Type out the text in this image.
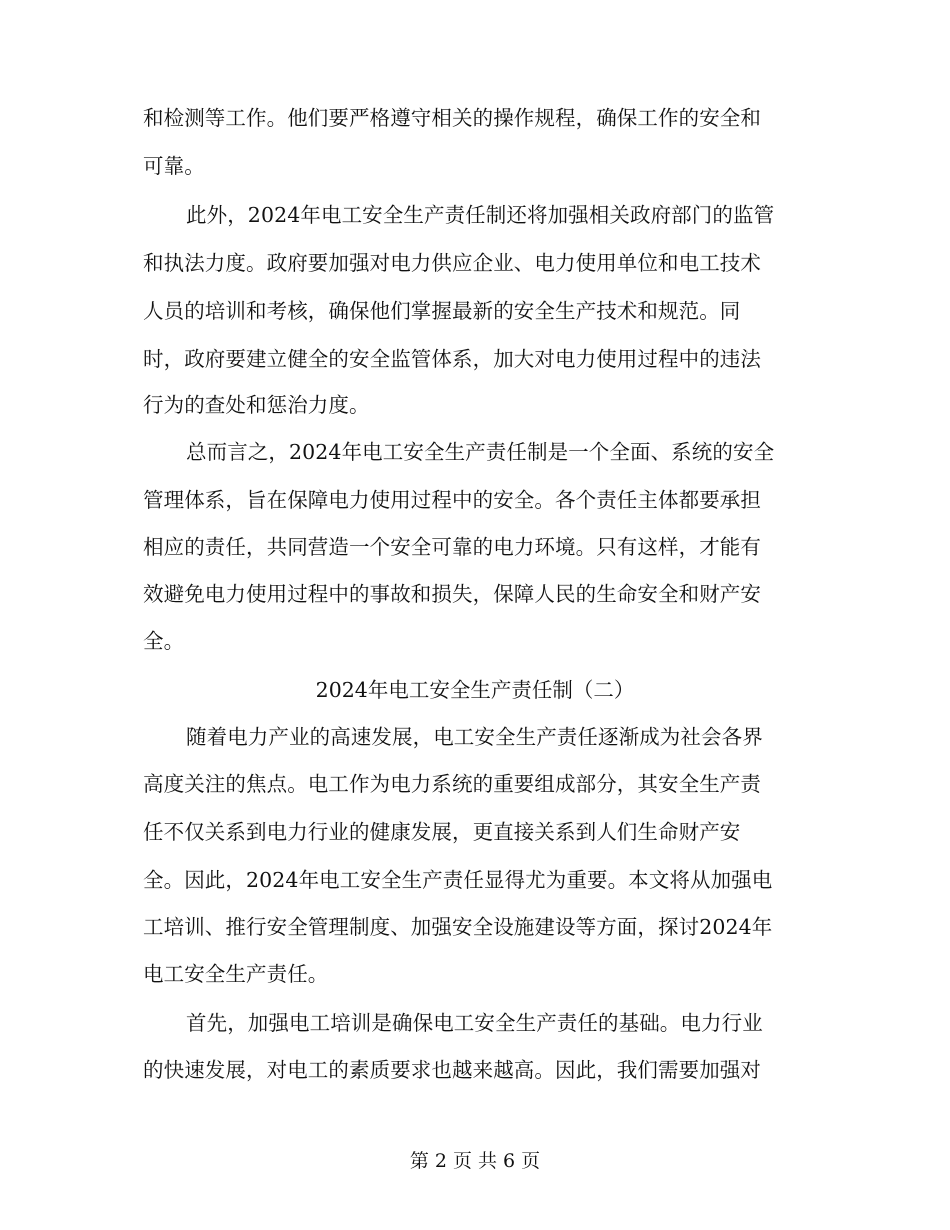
和检测等工作。他们要严格遵守相关的操作规程，确保工作的安全和
可靠。
此外，2024年电工安全生产责任制还将加强相关政府部门的监管
和执法力度。政府要加强对电力供应企业、电力使用单位和电工技术
人员的培训和考核，确保他们掌握最新的安全生产技术和规范。同
时，政府要建立健全的安全监管体系，加大对电力使用过程中的违法
行为的查处和惩治力度。
总而言之，2024年电工安全生产责任制是一个全面、系统的安全
管理体系，旨在保障电力使用过程中的安全。各个责任主体都要承担
相应的责任，共同营造一个安全可靠的电力环境。只有这样，才能有
效避免电力使用过程中的事故和损失，保障人民的生命安全和财产安
全。
2024年电工安全生产责任制（二）
随着电力产业的高速发展，电工安全生产责任逐渐成为社会各界
高度关注的焦点。电工作为电力系统的重要组成部分，其安全生产责
任不仅关系到电力行业的健康发展，更直接关系到人们生命财产安
全。因此，2024年电工安全生产责任显得尤为重要。本文将从加强电
工培训、推行安全管理制度、加强安全设施建设等方面，探讨2024年
电工安全生产责任。
首先，加强电工培训是确保电工安全生产责任的基础。电力行业
的快速发展，对电工的素质要求也越来越高。因此，我们需要加强对
第 2 页 共 6 页
